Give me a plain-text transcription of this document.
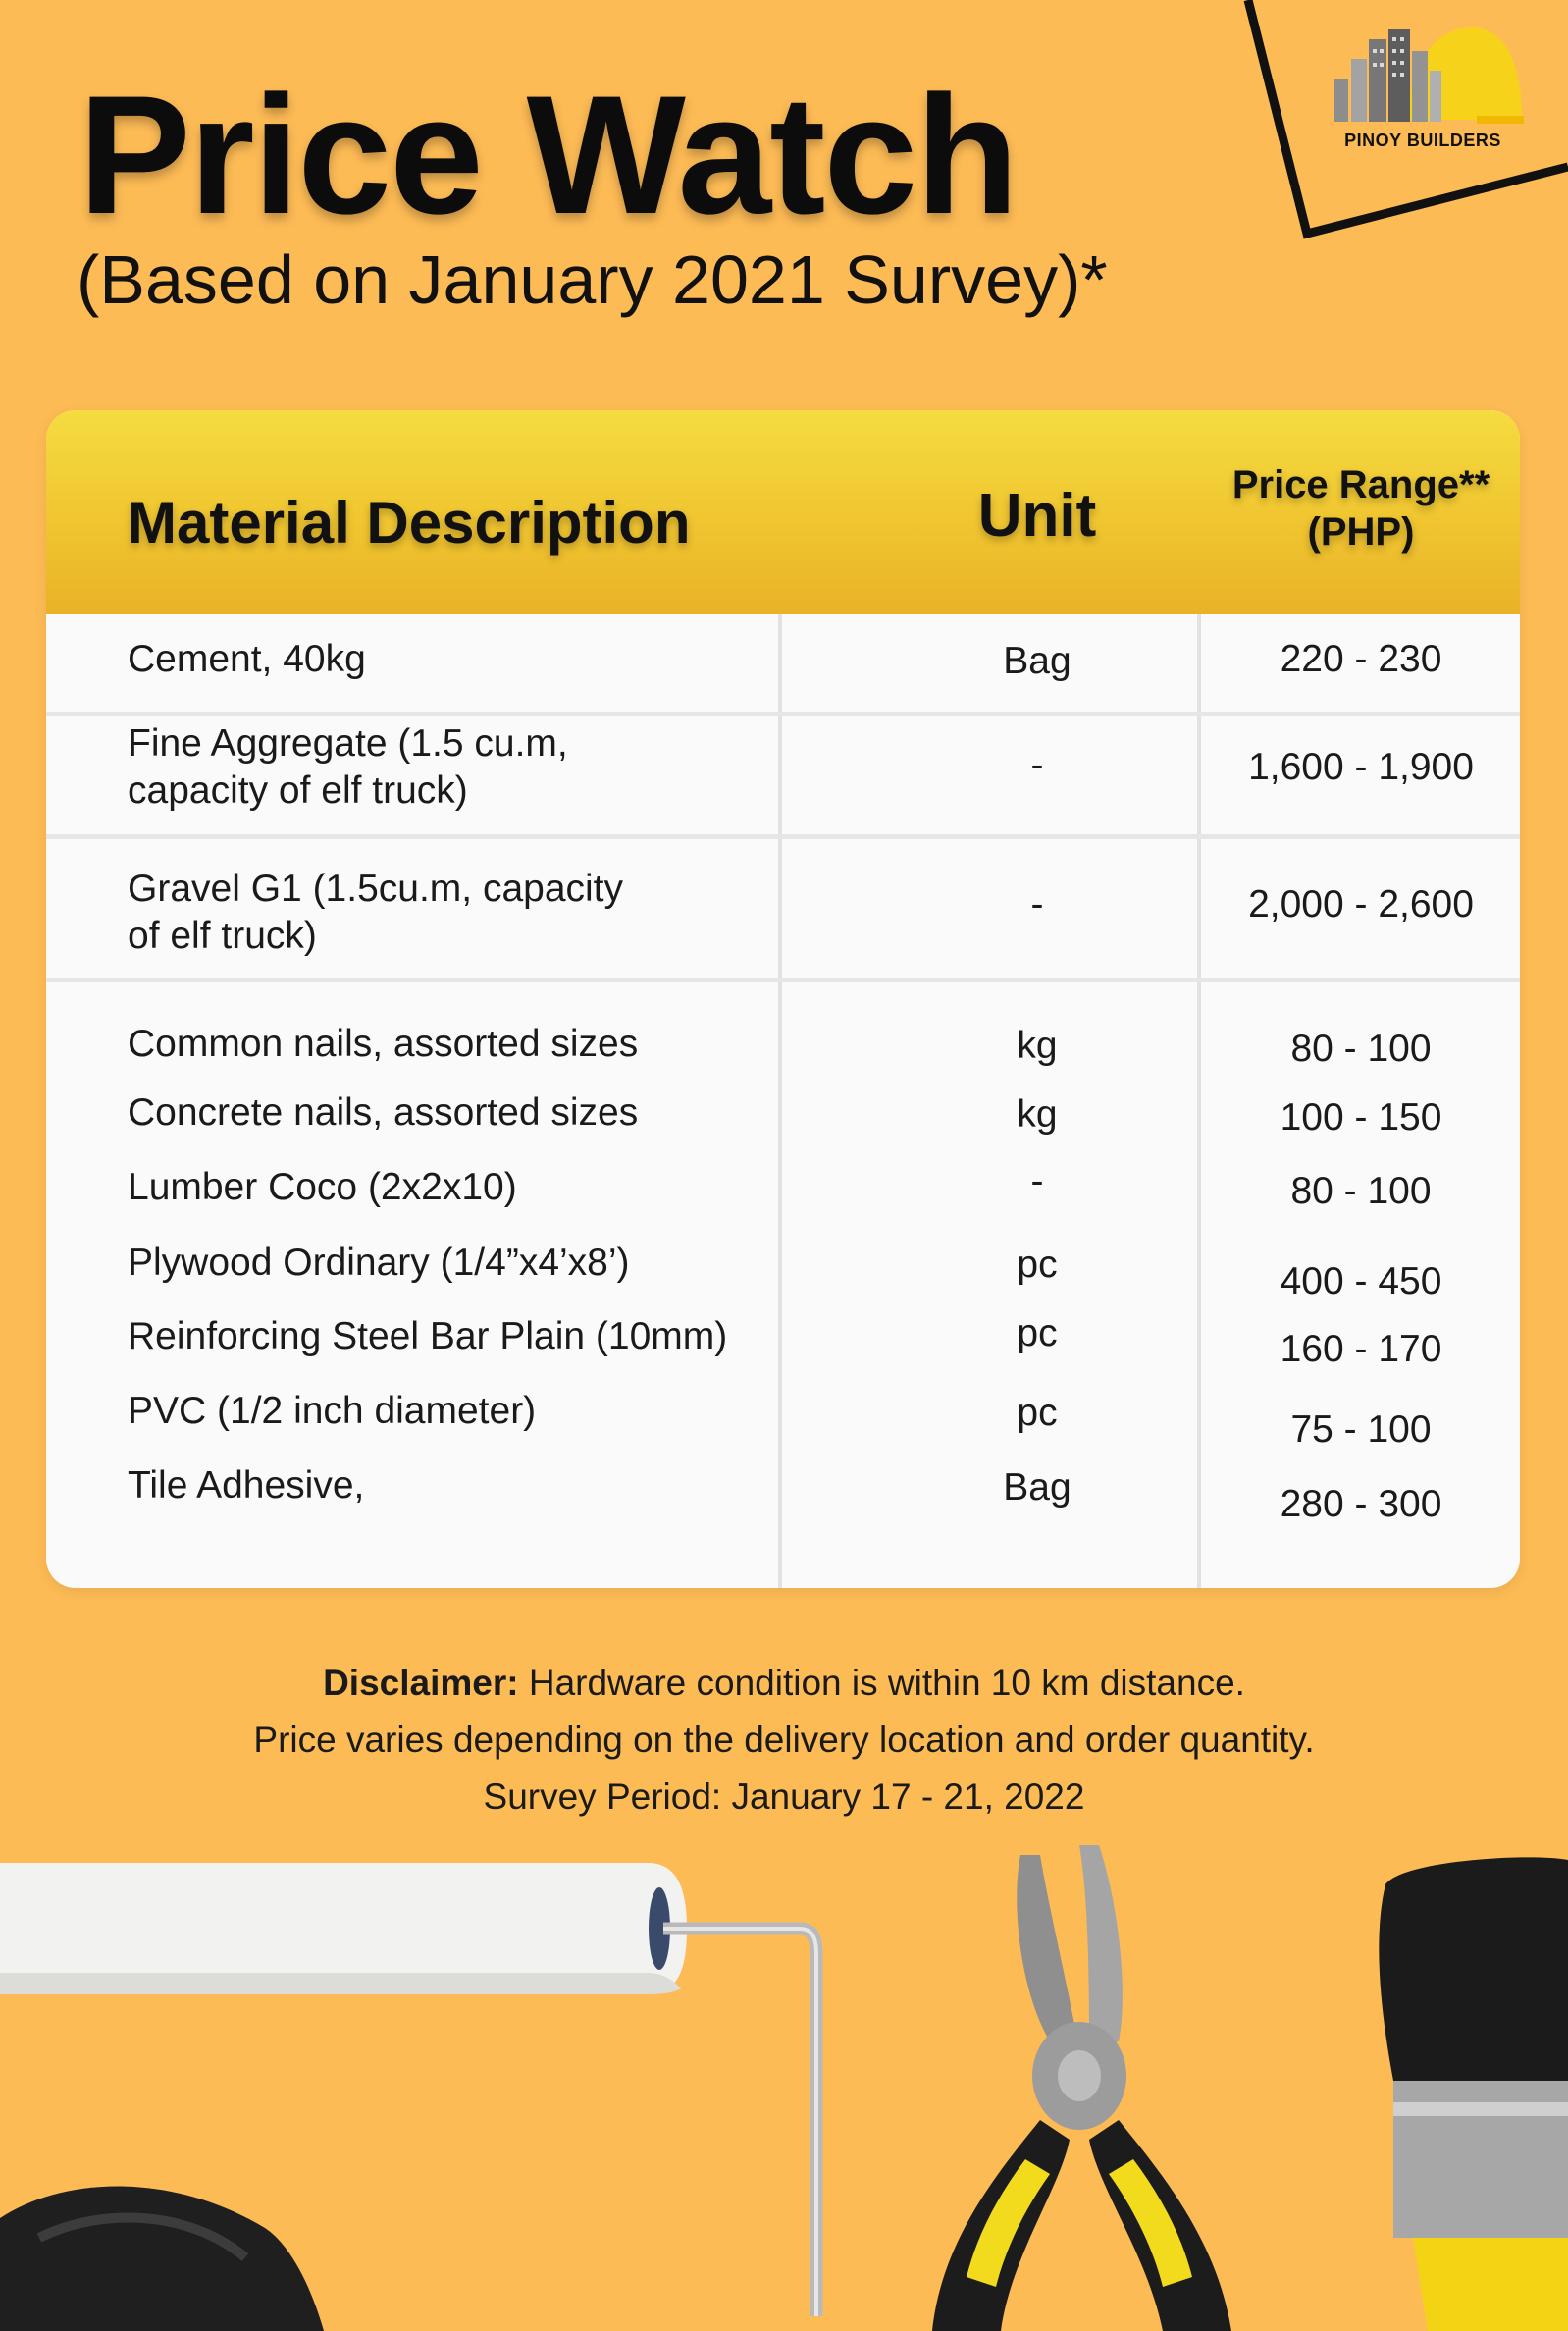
Price Watch
(Based on January 2021 Survey)*
PINOY BUILDERS
Material Description	Unit	Price Range**
(PHP)
Cement, 40kg	Bag	220 - 230
Fine Aggregate (1.5 cu.m,
capacity of elf truck)
-	1,600 - 1,900
Gravel G1 (1.5cu.m, capacity
of elf truck)
-	2,000 - 2,600
Common nails, assorted sizes	kg	80 - 100
Concrete nails, assorted sizes	kg	100 - 150
Lumber Coco (2x2x10)	-	80 - 100
Plywood Ordinary (1/4”x4’x8’)	pc	400 - 450
Reinforcing Steel Bar Plain (10mm)	pc	160 - 170
PVC (1/2 inch diameter)	pc	75 - 100
Tile Adhesive,	Bag	280 - 300
Disclaimer: Hardware condition is within 10 km distance.
Price varies depending on the delivery location and order quantity.
Survey Period: January 17 - 21, 2022
